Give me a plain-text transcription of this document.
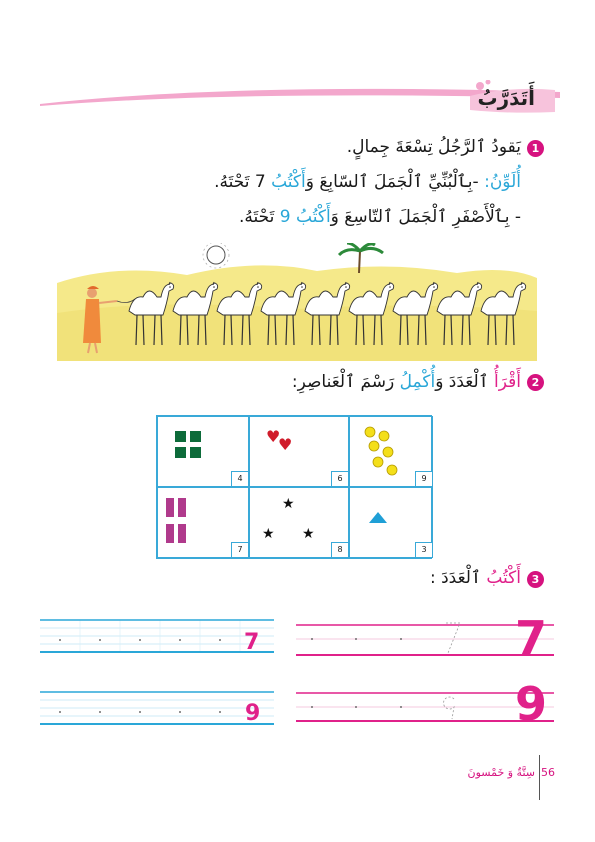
أَتَدَرَّبُ
1
يَقودُ ٱلرَّجُلُ تِسْعَةَ جِمالٍ.
أُلَوِّنُ: -بِٱلْبُنِّيِّ ٱلْجَمَلَ ٱلسّابِعَ وَأَكْتُبُ 7 تَحْتَهُ.
- بِٱلْأَصْفَرِ ٱلْجَمَلَ ٱلتّاسِعَ وَأَكْتُبُ 9 تَحْتَهُ.
2
أَقْرَأُ ٱلْعَدَدَ وَأُكْمِلُ رَسْمَ ٱلْعَناصِرِ:
4
♥
♥
6	9
7
★
★ ★
8	3
3
أَكْتُبُ ٱلْعَدَدَ :
7
9
7
9
56
سِتَّةٌ وَ خَمْسونَ
